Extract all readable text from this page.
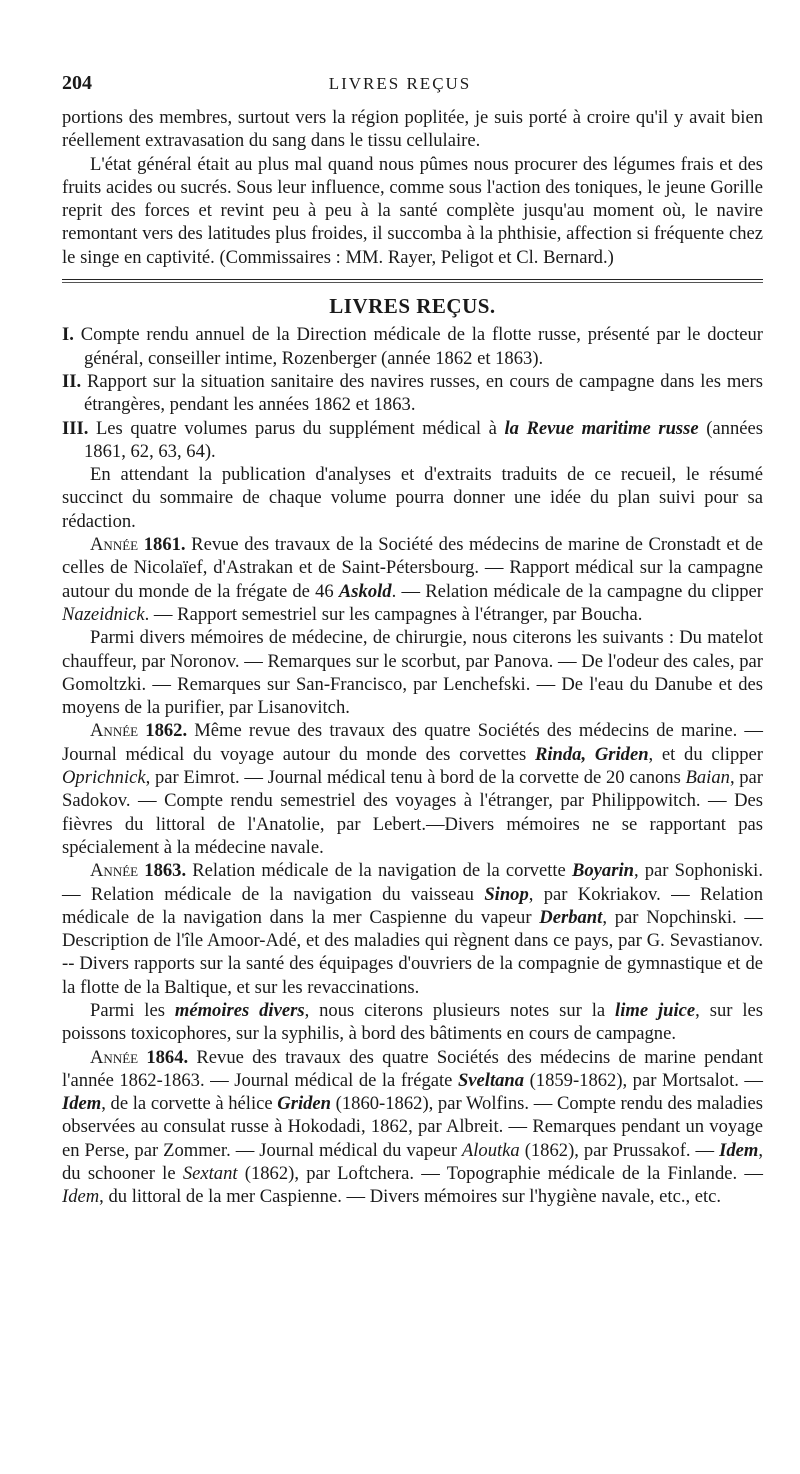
204	LIVRES REÇUS

portions des membres, surtout vers la région poplitée, je suis porté à croire qu'il y avait bien réellement extravasation du sang dans le tissu cellulaire.

L'état général était au plus mal quand nous pûmes nous procurer des légumes frais et des fruits acides ou sucrés. Sous leur influence, comme sous l'action des toniques, le jeune Gorille reprit des forces et revint peu à peu à la santé complète jusqu'au moment où, le navire remontant vers des latitudes plus froides, il succomba à la phthisie, affection si fréquente chez le singe en captivité. (Commissaires : MM. Rayer, Peligot et Cl. Bernard.)

LIVRES REÇUS.

I. Compte rendu annuel de la Direction médicale de la flotte russe, présenté par le docteur général, conseiller intime, Rozenberger (année 1862 et 1863).

II. Rapport sur la situation sanitaire des navires russes, en cours de campagne dans les mers étrangères, pendant les années 1862 et 1863.

III. Les quatre volumes parus du supplément médical à la Revue maritime russe (années 1861, 62, 63, 64).

En attendant la publication d'analyses et d'extraits traduits de ce recueil, le résumé succinct du sommaire de chaque volume pourra donner une idée du plan suivi pour sa rédaction.

Année 1861. Revue des travaux de la Société des médecins de marine de Cronstadt et de celles de Nicolaïef, d'Astrakan et de Saint-Pétersbourg. — Rapport médical sur la campagne autour du monde de la frégate de 46 Askold. — Relation médicale de la campagne du clipper Nazeidnick. — Rapport semestriel sur les campagnes à l'étranger, par Boucha.

Parmi divers mémoires de médecine, de chirurgie, nous citerons les suivants : Du matelot chauffeur, par Noronov. — Remarques sur le scorbut, par Panova. — De l'odeur des cales, par Gomoltzki. — Remarques sur San-Francisco, par Lenchefski. — De l'eau du Danube et des moyens de la purifier, par Lisanovitch.

Année 1862. Même revue des travaux des quatre Sociétés des médecins de marine. — Journal médical du voyage autour du monde des corvettes Rinda, Griden, et du clipper Oprichnick, par Eimrot. — Journal médical tenu à bord de la corvette de 20 canons Baian, par Sadokov. — Compte rendu semestriel des voyages à l'étranger, par Philippowitch. — Des fièvres du littoral de l'Anatolie, par Lebert.—Divers mémoires ne se rapportant pas spécialement à la médecine navale.

Année 1863. Relation médicale de la navigation de la corvette Boyarin, par Sophoniski. — Relation médicale de la navigation du vaisseau Sinop, par Kokriakov. — Relation médicale de la navigation dans la mer Caspienne du vapeur Derbant, par Nopchinski. — Description de l'île Amoor-Adé, et des maladies qui règnent dans ce pays, par G. Sevastianov. -- Divers rapports sur la santé des équipages d'ouvriers de la compagnie de gymnastique et de la flotte de la Baltique, et sur les revaccinations.

Parmi les mémoires divers, nous citerons plusieurs notes sur la lime juice, sur les poissons toxicophores, sur la syphilis, à bord des bâtiments en cours de campagne.

Année 1864. Revue des travaux des quatre Sociétés des médecins de marine pendant l'année 1862-1863. — Journal médical de la frégate Sveltana (1859-1862), par Mortsalot. — Idem, de la corvette à hélice Griden (1860-1862), par Wolfins. — Compte rendu des maladies observées au consulat russe à Hokodadi, 1862, par Albreit. — Remarques pendant un voyage en Perse, par Zommer. — Journal médical du vapeur Aloutka (1862), par Prussakof. — Idem, du schooner le Sextant (1862), par Loftchera. — Topographie médicale de la Finlande. — Idem, du littoral de la mer Caspienne. — Divers mémoires sur l'hygiène navale, etc., etc.
